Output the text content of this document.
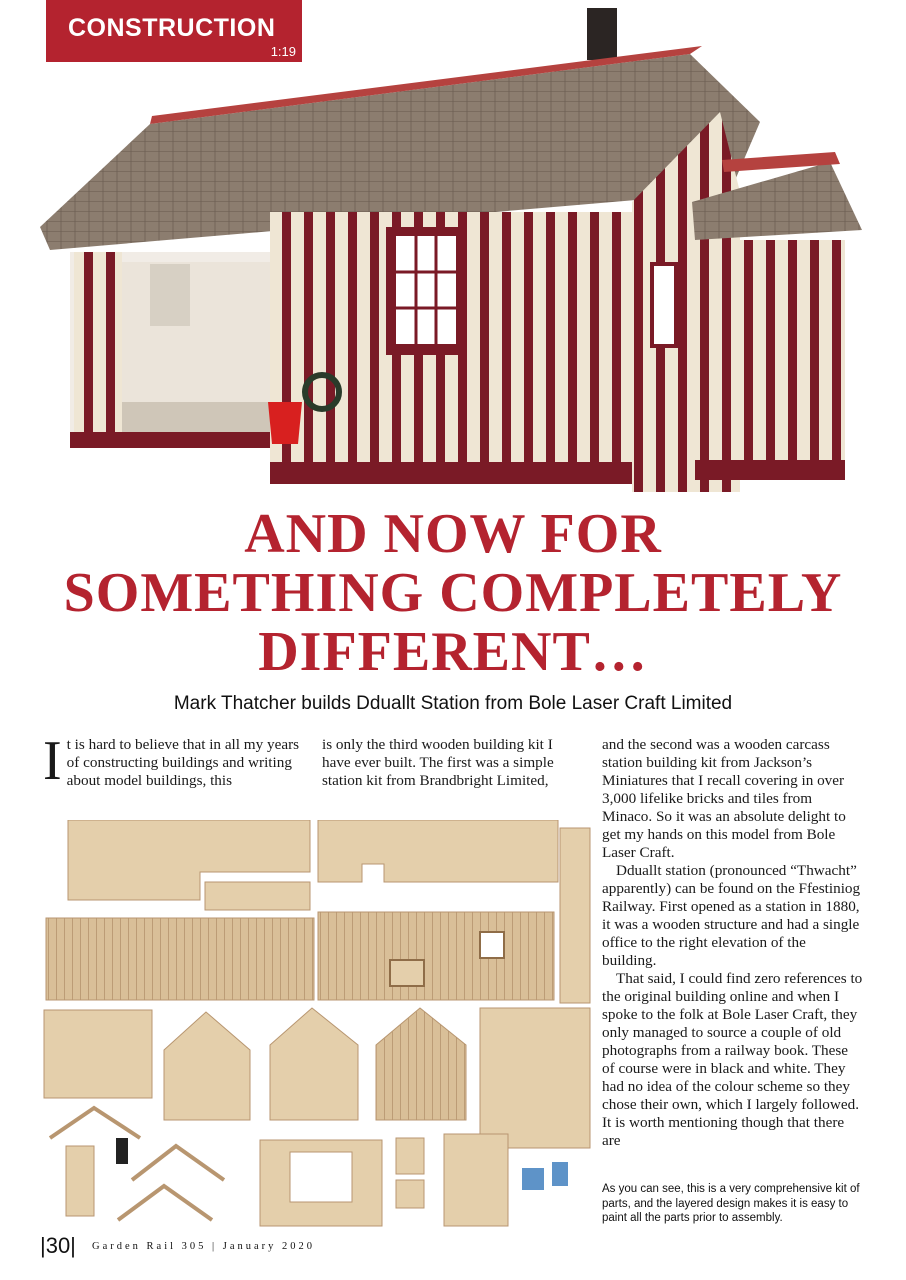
CONSTRUCTION
1:19
AND NOW FOR
SOMETHING COMPLETELY
DIFFERENT…
Mark Thatcher builds Dduallt Station from Bole Laser Craft Limited

It is hard to believe that in all my years of constructing buildings and writing about model buildings, this

is only the third wooden building kit I have ever built. The first was a simple station kit from Brandbright Limited,

and the second was a wooden carcass station building kit from Jackson’s Miniatures that I recall covering in over 3,000 lifelike bricks and tiles from Minaco. So it was an absolute delight to get my hands on this model from Bole Laser Craft.

Dduallt station (pronounced “Thwacht” apparently) can be found on the Ffestiniog Railway. First opened as a station in 1880, it was a wooden structure and had a single office to the right elevation of the building.

That said, I could find zero references to the original building online and when I spoke to the folk at Bole Laser Craft, they only managed to source a couple of old photographs from a railway book. These of course were in black and white. They had no idea of the colour scheme so they chose their own, which I largely followed. It is worth mentioning though that there are

As you can see, this is a very comprehensive kit of parts, and the layered design makes it is easy to paint all the parts prior to assembly.
|30| Garden Rail 305 | January 2020
